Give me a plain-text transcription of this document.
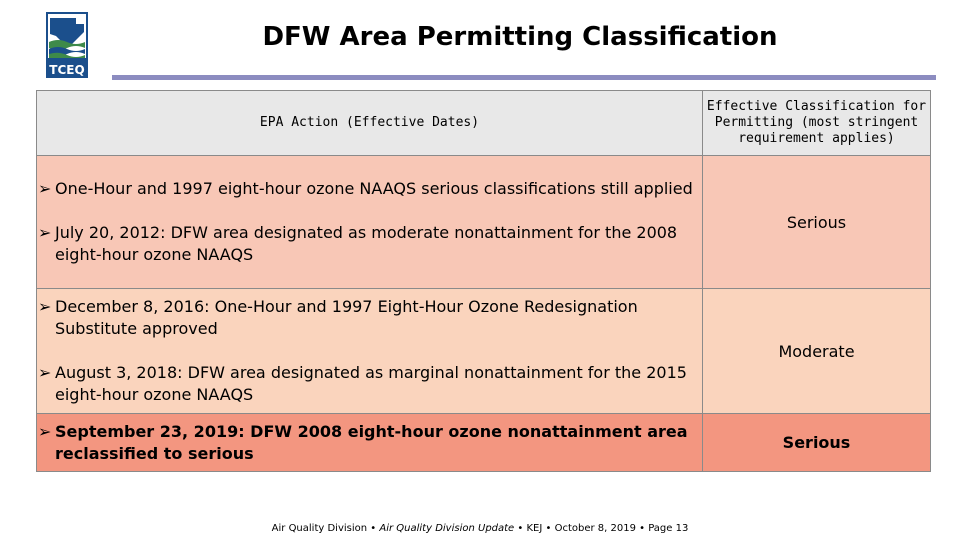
TCEQ
DFW Area Permitting Classification
EPA Action (Effective Dates)	Effective Classification for Permitting (most stringent requirement applies)

➢ One-Hour and 1997 eight-hour ozone NAAQS serious classifications still applied
➢ July 20, 2012: DFW area designated as moderate nonattainment for the 2008 eight-hour ozone NAAQS	Serious

➢ December 8, 2016: One-Hour and 1997 Eight-Hour Ozone Redesignation Substitute approved
➢ August 3, 2018: DFW area designated as marginal nonattainment for the 2015 eight-hour ozone NAAQS	Moderate

➢ September 23, 2019: DFW 2008 eight-hour ozone nonattainment area reclassified to serious	Serious
Air Quality Division • Air Quality Division Update • KEJ • October 8, 2019 • Page 13
